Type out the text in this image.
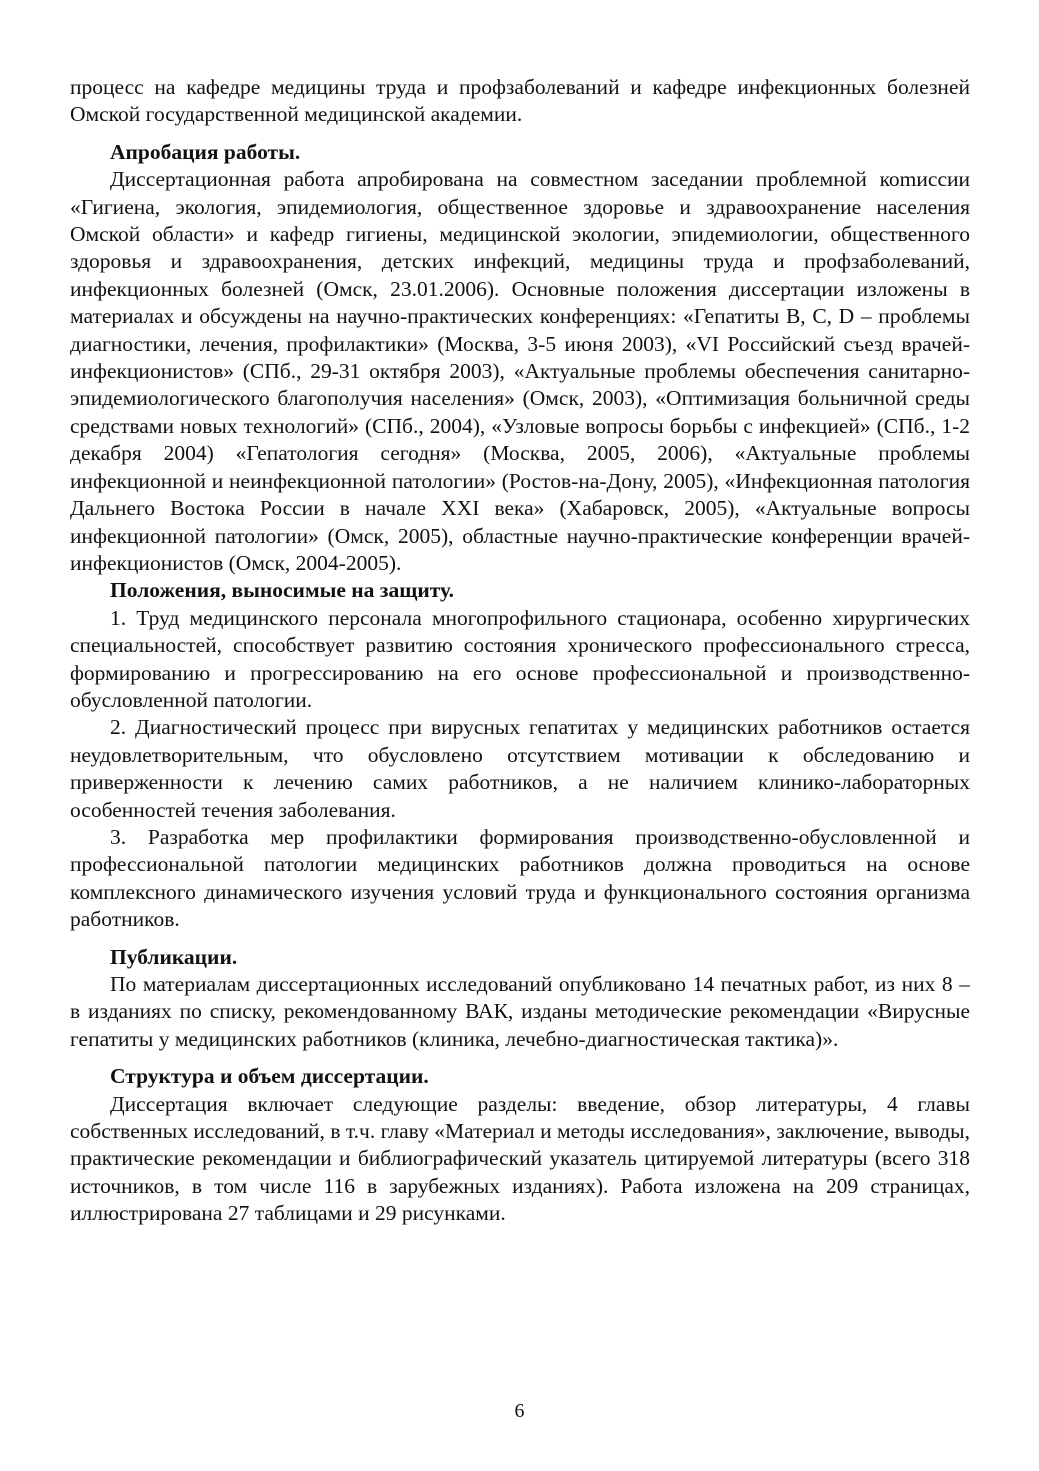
процесс на кафедре медицины труда и профзаболеваний и кафедре инфекционных болезней Омской государственной медицинской академии.

Апробация работы.

Диссертационная работа апробирована на совместном заседании проблемной коmиссии «Гигиена, экология, эпидемиология, общественное здоровье и здравоохранение населения Омской области» и кафедр гигиены, медицинской экологии, эпидемиологии, общественного здоровья и здравоохранения, детских инфекций, медицины труда и профзаболеваний, инфекционных болезней (Омск, 23.01.2006). Основные положения диссертации изложены в материалах и обсуждены на научно-практических конференциях: «Гепатиты B, C, D – проблемы диагностики, лечения, профилактики» (Москва, 3-5 июня 2003), «VI Российский съезд врачей-инфекционистов» (СПб., 29-31 октября 2003), «Актуальные проблемы обеспечения санитарно-эпидемиологического благополучия населения» (Омск, 2003), «Оптимизация больничной среды средствами новых технологий» (СПб., 2004), «Узловые вопросы борьбы с инфекцией» (СПб., 1-2 декабря 2004) «Гепатология сегодня» (Москва, 2005, 2006), «Актуальные проблемы инфекционной и неинфекционной патологии» (Ростов-на-Дону, 2005), «Инфекционная патология Дальнего Востока России в начале XXI века» (Хабаровск, 2005), «Актуальные вопросы инфекционной патологии» (Омск, 2005), областные научно-практические конференции врачей-инфекционистов (Омск, 2004-2005).

Положения, выносимые на защиту.

1. Труд медицинского персонала многопрофильного стационара, особенно хирургических специальностей, способствует развитию состояния хронического профессионального стресса, формированию и прогрессированию на его основе профессиональной и производственно-обусловленной патологии.

2. Диагностический процесс при вирусных гепатитах у медицинских работников остается неудовлетворительным, что обусловлено отсутствием мотивации к обследованию и приверженности к лечению самих работников, а не наличием клинико-лабораторных особенностей течения заболевания.

3. Разработка мер профилактики формирования производственно-обусловленной и профессиональной патологии медицинских работников должна проводиться на основе комплексного динамического изучения условий труда и функционального состояния организма работников.

Публикации.

По материалам диссертационных исследований опубликовано 14 печатных работ, из них 8 – в изданиях по списку, рекомендованному ВАК, изданы методические рекомендации «Вирусные гепатиты у медицинских работников (клиника, лечебно-диагностическая тактика)».

Структура и объем диссертации.

Диссертация включает следующие разделы: введение, обзор литературы, 4 главы собственных исследований, в т.ч. главу «Материал и методы исследования», заключение, выводы, практические рекомендации и библиографический указатель цитируемой литературы (всего 318 источников, в том числе 116 в зарубежных изданиях). Работа изложена на 209 страницах, иллюстрирована 27 таблицами и 29 рисунками.

6
